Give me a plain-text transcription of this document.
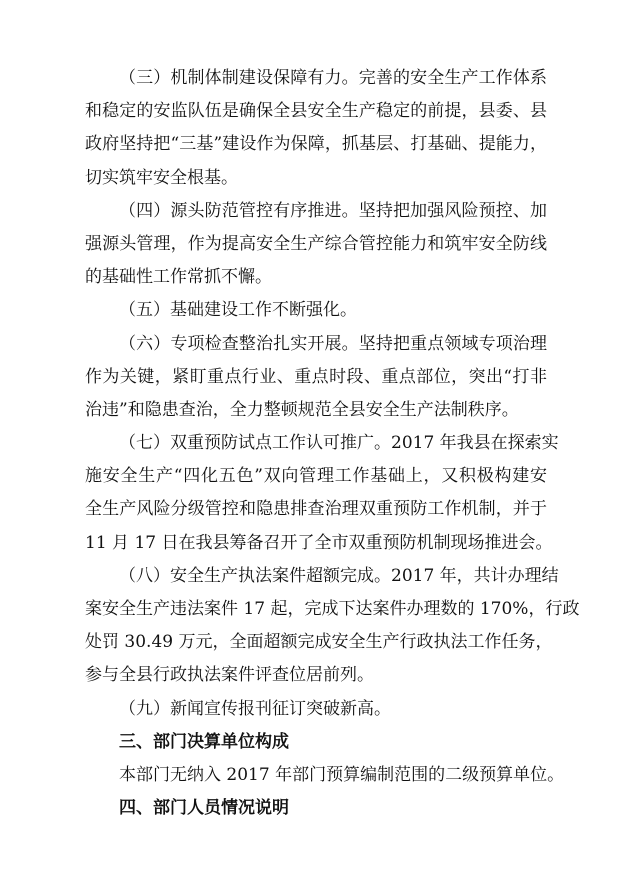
（三）机制体制建设保障有力。完善的安全生产工作体系
和稳定的安监队伍是确保全县安全生产稳定的前提，县委、县
政府坚持把“三基”建设作为保障，抓基层、打基础、提能力，
切实筑牢安全根基。
（四）源头防范管控有序推进。坚持把加强风险预控、加
强源头管理，作为提高安全生产综合管控能力和筑牢安全防线
的基础性工作常抓不懈。
（五）基础建设工作不断强化。
（六）专项检查整治扎实开展。坚持把重点领域专项治理
作为关键，紧盯重点行业、重点时段、重点部位，突出“打非
治违”和隐患查治，全力整顿规范全县安全生产法制秩序。
（七）双重预防试点工作认可推广。2017 年我县在探索实
施安全生产“四化五色”双向管理工作基础上，又积极构建安
全生产风险分级管控和隐患排查治理双重预防工作机制，并于
11 月 17 日在我县筹备召开了全市双重预防机制现场推进会。
（八）安全生产执法案件超额完成。2017 年，共计办理结
案安全生产违法案件 17 起，完成下达案件办理数的 170%，行政
处罚 30.49 万元，全面超额完成安全生产行政执法工作任务，
参与全县行政执法案件评查位居前列。
（九）新闻宣传报刊征订突破新高。
三、部门决算单位构成
本部门无纳入 2017 年部门预算编制范围的二级预算单位。
四、部门人员情况说明
